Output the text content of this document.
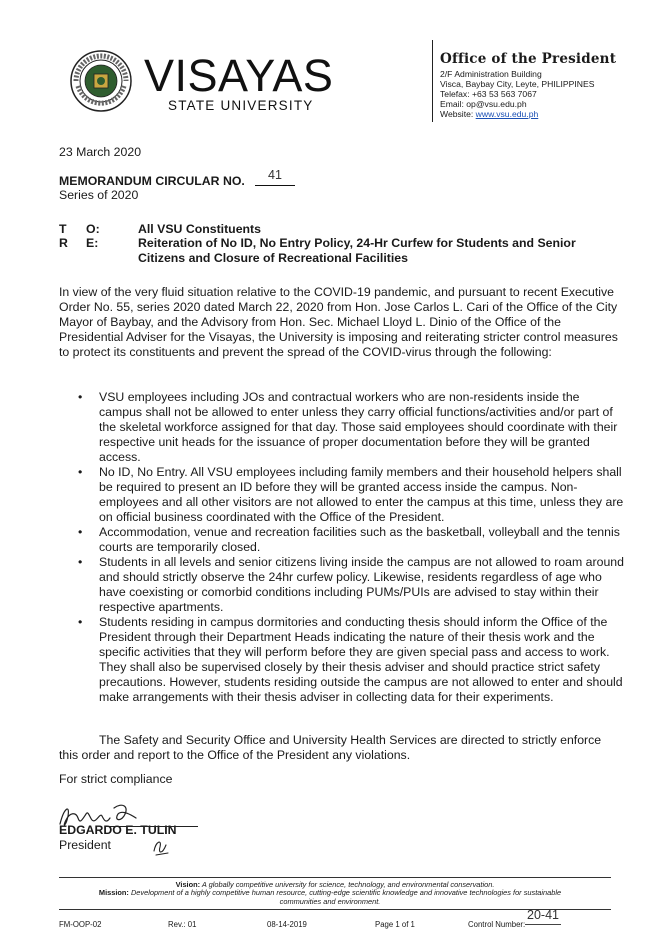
VISAYAS
STATE UNIVERSITY
Office of the President
2/F Administration Building
Visca, Baybay City, Leyte, PHILIPPINES
Telefax: +63 53 563 7067
Email: op@vsu.edu.ph
Website: www.vsu.edu.ph
23 March 2020
MEMORANDUM CIRCULAR NO.	41
Series of 2020
T O:	All VSU Constituents
R E:	Reiteration of No ID, No Entry Policy, 24-Hr Curfew for Students and Senior Citizens and Closure of Recreational Facilities
In view of the very fluid situation relative to the COVID-19 pandemic, and pursuant to recent Executive Order No. 55, series 2020 dated March 22, 2020 from Hon. Jose Carlos L. Cari of the Office of the City Mayor of Baybay, and the Advisory from Hon. Sec. Michael Lloyd L. Dinio of the Office of the Presidential Adviser for the Visayas, the University is imposing and reiterating stricter control measures to protect its constituents and prevent the spread of the COVID-virus through the following:
• VSU employees including JOs and contractual workers who are non-residents inside the campus shall not be allowed to enter unless they carry official functions/activities and/or part of the skeletal workforce assigned for that day. Those said employees should coordinate with their respective unit heads for the issuance of proper documentation before they will be granted access.
• No ID, No Entry. All VSU employees including family members and their household helpers shall be required to present an ID before they will be granted access inside the campus. Non-employees and all other visitors are not allowed to enter the campus at this time, unless they are on official business coordinated with the Office of the President.
• Accommodation, venue and recreation facilities such as the basketball, volleyball and the tennis courts are temporarily closed.
• Students in all levels and senior citizens living inside the campus are not allowed to roam around and should strictly observe the 24hr curfew policy. Likewise, residents regardless of age who have coexisting or comorbid conditions including PUMs/PUIs are advised to stay within their respective apartments.
• Students residing in campus dormitories and conducting thesis should inform the Office of the President through their Department Heads indicating the nature of their thesis work and the specific activities that they will perform before they are given special pass and access to work. They shall also be supervised closely by their thesis adviser and should practice strict safety precautions. However, students residing outside the campus are not allowed to enter and should make arrangements with their thesis adviser in collecting data for their experiments.
The Safety and Security Office and University Health Services are directed to strictly enforce this order and report to the Office of the President any violations.
For strict compliance
EDGARDO E. TULIN
President
Vision: A globally competitive university for science, technology, and environmental conservation.
Mission: Development of a highly competitive human resource, cutting-edge scientific knowledge and innovative technologies for sustainable communities and environment.
FM-OOP-02	Rev.: 01	08-14-2019	Page 1 of 1	Control Number:
20-41
